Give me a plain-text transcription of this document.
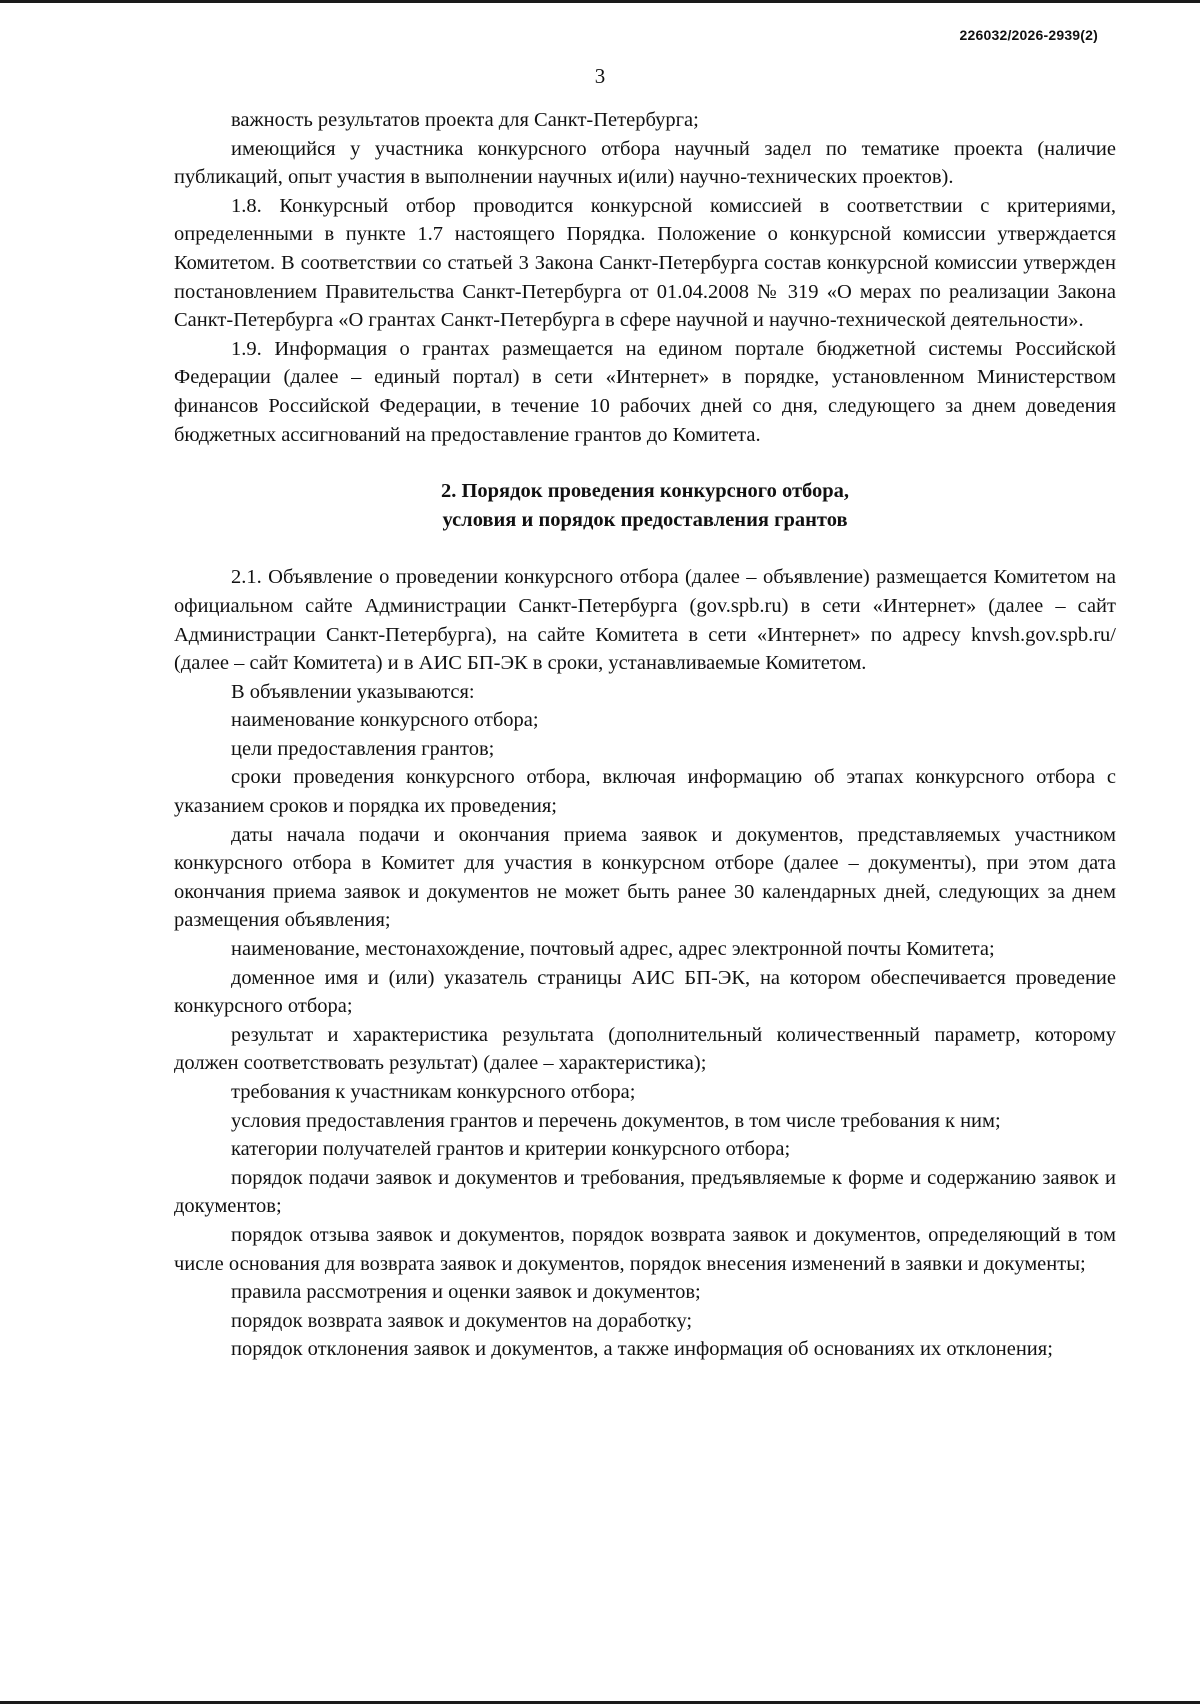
226032/2026-2939(2)
3

важность результатов проекта для Санкт-Петербурга;

имеющийся у участника конкурсного отбора научный задел по тематике проекта (наличие публикаций, опыт участия в выполнении научных и(или) научно-технических проектов).

1.8. Конкурсный отбор проводится конкурсной комиссией в соответствии с критериями, определенными в пункте 1.7 настоящего Порядка. Положение о конкурсной комиссии утверждается Комитетом. В соответствии со статьей 3 Закона Санкт-Петербурга состав конкурсной комиссии утвержден постановлением Правительства Санкт-Петербурга от 01.04.2008 № 319 «О мерах по реализации Закона Санкт-Петербурга «О грантах Санкт-Петербурга в сфере научной и научно-технической деятельности».

1.9. Информация о грантах размещается на едином портале бюджетной системы Российской Федерации (далее – единый портал) в сети «Интернет» в порядке, установленном Министерством финансов Российской Федерации, в течение 10 рабочих дней со дня, следующего за днем доведения бюджетных ассигнований на предоставление грантов до Комитета.

2. Порядок проведения конкурсного отбора,
условия и порядок предоставления грантов

2.1. Объявление о проведении конкурсного отбора (далее – объявление) размещается Комитетом на официальном сайте Администрации Санкт-Петербурга (gov.spb.ru) в сети «Интернет» (далее – сайт Администрации Санкт-Петербурга), на сайте Комитета в сети «Интернет» по адресу knvsh.gov.spb.ru/ (далее – сайт Комитета) и в АИС БП-ЭК в сроки, устанавливаемые Комитетом.

В объявлении указываются:

наименование конкурсного отбора;

цели предоставления грантов;

сроки проведения конкурсного отбора, включая информацию об этапах конкурсного отбора с указанием сроков и порядка их проведения;

даты начала подачи и окончания приема заявок и документов, представляемых участником конкурсного отбора в Комитет для участия в конкурсном отборе (далее – документы), при этом дата окончания приема заявок и документов не может быть ранее 30 календарных дней, следующих за днем размещения объявления;

наименование, местонахождение, почтовый адрес, адрес электронной почты Комитета;

доменное имя и (или) указатель страницы АИС БП-ЭК, на котором обеспечивается проведение конкурсного отбора;

результат и характеристика результата (дополнительный количественный параметр, которому должен соответствовать результат) (далее – характеристика);

требования к участникам конкурсного отбора;

условия предоставления грантов и перечень документов, в том числе требования к ним;

категории получателей грантов и критерии конкурсного отбора;

порядок подачи заявок и документов и требования, предъявляемые к форме и содержанию заявок и документов;

порядок отзыва заявок и документов, порядок возврата заявок и документов, определяющий в том числе основания для возврата заявок и документов, порядок внесения изменений в заявки и документы;

правила рассмотрения и оценки заявок и документов;

порядок возврата заявок и документов на доработку;

порядок отклонения заявок и документов, а также информация об основаниях их отклонения;
